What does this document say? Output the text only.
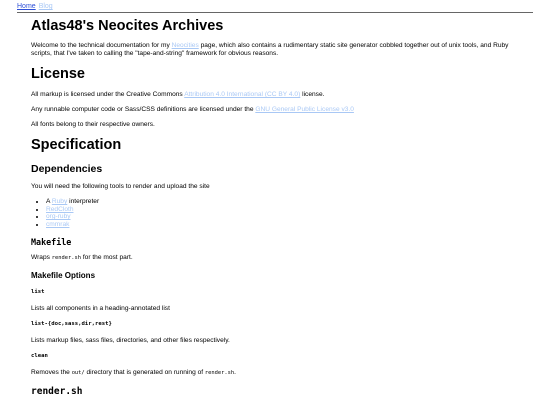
Home Blog
Atlas48's Neocites Archives

Welcome to the technical documentation for my Neocities page, which also contains a rudimentary static site generator cobbled together out of unix tools, and Ruby scripts, that I've taken to calling the "tape-and-string" framework for obvious reasons.

License

All markup is licensed under the Creative Commons Attribution 4.0 International (CC BY 4.0) license.

Any runnable computer code or Sass/CSS definitions are licensed under the GNU General Public License v3.0

All fonts belong to their respective owners.

Specification
Dependencies

You will need the following tools to render and upload the site

• A Ruby interpreter
• RedCloth
• org-ruby
• cmmrak
Makefile

Wraps render.sh for the most part.

Makefile Options
list

Lists all components in a heading-annotated list

list-{doc,sass,dir,rest}

Lists markup files, sass files, directories, and other files respectively.

clean

Removes the out/ directory that is generated on running of render.sh.

render.sh
